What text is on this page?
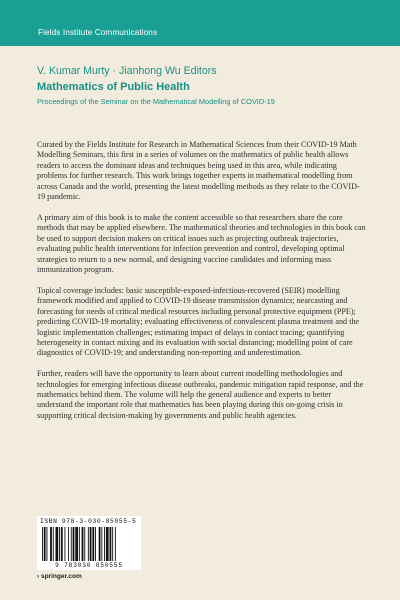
Fields Institute Communications
V. Kumar Murty · Jianhong Wu Editors
Mathematics of Public Health
Proceedings of the Seminar on the Mathematical Modelling of COVID-19

Curated by the Fields Institute for Research in Mathematical Sciences from their COVID-19 Math Modelling Seminars, this first in a series of volumes on the mathematics of public health allows readers to access the dominant ideas and techniques being used in this area, while indicating problems for further research. This work brings together experts in mathematical modelling from across Canada and the world, presenting the latest modelling methods as they relate to the COVID-19 pandemic.

A primary aim of this book is to make the content accessible so that researchers share the core methods that may be applied elsewhere. The mathematical theories and technologies in this book can be used to support decision makers on critical issues such as projecting outbreak trajectories, evaluating public health interventions for infection prevention and control, developing optimal strategies to return to a new normal, and designing vaccine candidates and informing mass immunization program.

Topical coverage includes: basic susceptible-exposed-infectious-recovered (SEIR) modelling framework modified and applied to COVID-19 disease transmission dynamics; nearcasting and forecasting for needs of critical medical resources including personal protective equipment (PPE); predicting COVID-19 mortality; evaluating effectiveness of convalescent plasma treatment and the logistic implementation challenges; estimating impact of delays in contact tracing; quantifying heterogeneity in contact mixing and its evaluation with social distancing; modelling point of care diagnostics of COVID-19; and understanding non-reporting and underestimation.

Further, readers will have the opportunity to learn about current modelling methodologies and technologies for emerging infectious disease outbreaks, pandemic mitigation rapid response, and the mathematics behind them. The volume will help the general audience and experts to better understand the important role that mathematics has been playing during this on-going crisis in supporting critical decision-making by governments and public health agencies.

ISBN 978-3-030-85055-5
9 783030 850555
› springer.com
